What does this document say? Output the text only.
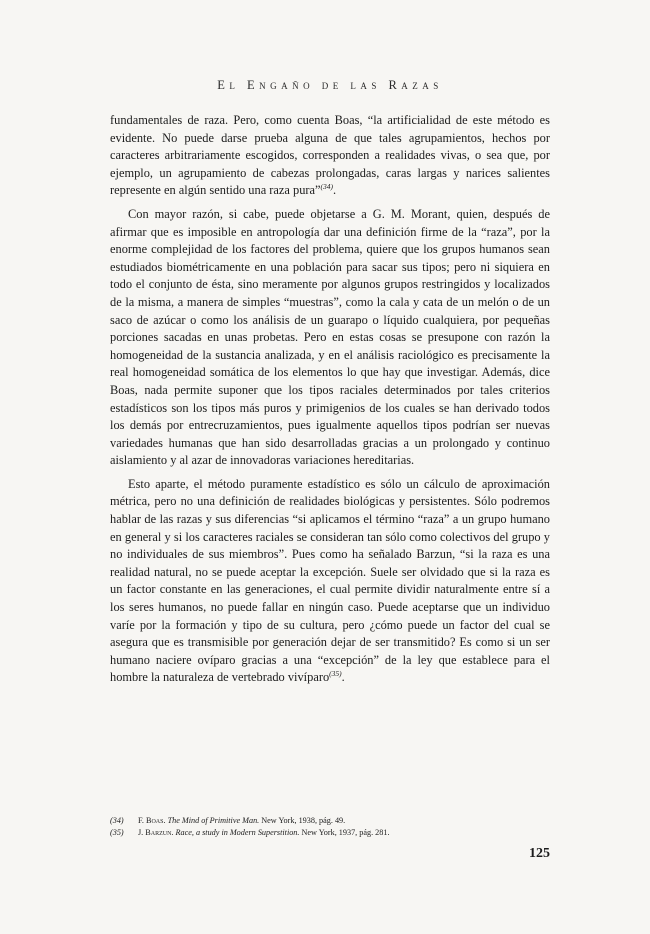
El Engaño de las Razas

fundamentales de raza. Pero, como cuenta Boas, “la artificialidad de este método es evidente. No puede darse prueba alguna de que tales agrupamientos, hechos por caracteres arbitrariamente escogidos, corresponden a realidades vivas, o sea que, por ejemplo, un agrupamiento de cabezas prolongadas, caras largas y narices salientes represente en algún sentido una raza pura”$^{(34)}$.

Con mayor razón, si cabe, puede objetarse a G. M. Morant, quien, después de afirmar que es imposible en antropología dar una definición firme de la “raza”, por la enorme complejidad de los factores del problema, quiere que los grupos humanos sean estudiados biométricamente en una población para sacar sus tipos; pero ni siquiera en todo el conjunto de ésta, sino meramente por algunos grupos restringidos y localizados de la misma, a manera de simples “muestras”, como la cala y cata de un melón o de un saco de azúcar o como los análisis de un guarapo o líquido cualquiera, por pequeñas porciones sacadas en unas probetas. Pero en estas cosas se presupone con razón la homogeneidad de la sustancia analizada, y en el análisis raciológico es precisamente la real homogeneidad somática de los elementos lo que hay que investigar. Además, dice Boas, nada permite suponer que los tipos raciales determinados por tales criterios estadísticos son los tipos más puros y primigenios de los cuales se han derivado todos los demás por entrecruzamientos, pues igualmente aquellos tipos podrían ser nuevas variedades humanas que han sido desarrolladas gracias a un prolongado y continuo aislamiento y al azar de innovadoras variaciones hereditarias.

Esto aparte, el método puramente estadístico es sólo un cálculo de aproximación métrica, pero no una definición de realidades biológicas y persistentes. Sólo podremos hablar de las razas y sus diferencias “si aplicamos el término “raza” a un grupo humano en general y si los caracteres raciales se consideran tan sólo como colectivos del grupo y no individuales de sus miembros”. Pues como ha señalado Barzun, “si la raza es una realidad natural, no se puede aceptar la excepción. Suele ser olvidado que si la raza es un factor constante en las generaciones, el cual permite dividir naturalmente entre sí a los seres humanos, no puede fallar en ningún caso. Puede aceptarse que un individuo varíe por la formación y tipo de su cultura, pero ¿cómo puede un factor del cual se asegura que es transmisible por generación dejar de ser transmitido? Es como si un ser humano naciere ovíparo gracias a una “excepción” de la ley que establece para el hombre la naturaleza de vertebrado vivíparo$^{(35)}$.

(34)	F. Boas. The Mind of Primitive Man. New York, 1938, pág. 49.
(35)	J. Barzun. Race, a study in Modern Superstition. New York, 1937, pág. 281.
125
